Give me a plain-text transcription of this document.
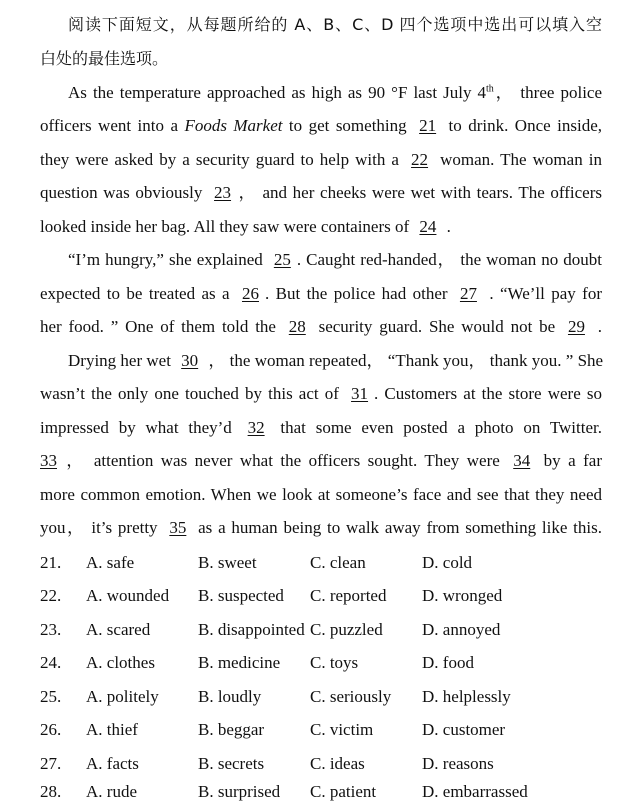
阅读下面短文，从每题所给的 A、B、C、D 四个选项中选出可以填入空
白处的最佳选项。
As the temperature approached as high as 90 °F last July 4th， three police
officers went into a Foods Market to get something 21 to drink. Once inside,
they were asked by a security guard to help with a 22 woman. The woman in
question was obviously 23 ， and her cheeks were wet with tears. The officers
looked inside her bag. All they saw were containers of 24 .
“I’m hungry,” she explained 25 . Caught red-handed， the woman no doubt
expected to be treated as a 26 . But the police had other 27 . “We’ll pay for
her food. ” One of them told the 28 security guard. She would not be 29 .
Drying her wet 30 ， the woman repeated， “Thank you， thank you. ” She
wasn’t the only one touched by this act of 31 . Customers at the store were so
impressed by what they’d 32 that some even posted a photo on Twitter.
33 ， attention was never what the officers sought. They were 34 by a far
more common emotion. When we look at someone’s face and see that they need
you， it’s pretty 35 as a human being to walk away from something like this.
21. A. safe	B. sweet	C. clean	D. cold
22. A. wounded B. suspected C. reported D. wronged
23. A. scared	B. disappointed C. puzzled D. annoyed
24. A. clothes	B. medicine C. toys	D. food
25. A. politely B. loudly	C. seriously D. helplessly
26. A. thief	B. beggar	C. victim	D. customer
27. A. facts	B. secrets	C. ideas	D. reasons
28. A. rude	B. surprised C. patient	D. embarrassed
